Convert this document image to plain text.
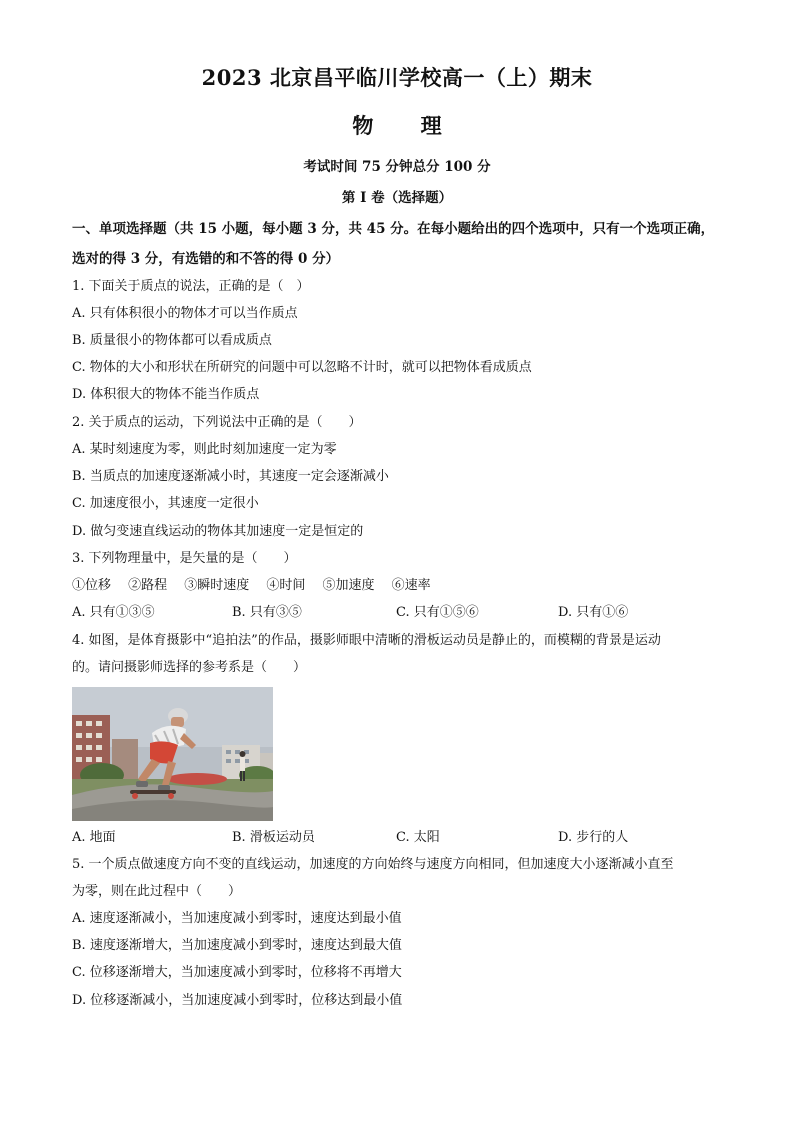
2023 北京昌平临川学校高一（上）期末
物 理
考试时间 75 分钟总分 100 分
第 I 卷（选择题）
一、单项选择题（共 15 小题，每小题 3 分，共 45 分。在每小题给出的四个选项中，只有一个选项正确，选对的得 3 分，有选错的和不答的得 0 分）
1. 下面关于质点的说法，正确的是（　）
A. 只有体积很小的物体才可以当作质点
B. 质量很小的物体都可以看成质点
C. 物体的大小和形状在所研究的问题中可以忽略不计时，就可以把物体看成质点
D. 体积很大的物体不能当作质点
2. 关于质点的运动，下列说法中正确的是（　　）
A. 某时刻速度为零，则此时刻加速度一定为零
B. 当质点的加速度逐渐减小时，其速度一定会逐渐减小
C. 加速度很小，其速度一定很小
D. 做匀变速直线运动的物体其加速度一定是恒定的
3. 下列物理量中，是矢量的是（　　）
①位移　 ②路程　 ③瞬时速度　 ④时间　 ⑤加速度　 ⑥速率
A. 只有①③⑤	B. 只有③⑤	C. 只有①⑤⑥	D. 只有①⑥
4. 如图，是体育摄影中“追拍法”的作品，摄影师眼中清晰的滑板运动员是静止的，而模糊的背景是运动
的。请问摄影师选择的参考系是（　　）
A. 地面	B. 滑板运动员	C. 太阳	D. 步行的人
5. 一个质点做速度方向不变的直线运动，加速度的方向始终与速度方向相同，但加速度大小逐渐减小直至
为零，则在此过程中（　　）
A. 速度逐渐减小，当加速度减小到零时，速度达到最小值
B. 速度逐渐增大，当加速度减小到零时，速度达到最大值
C. 位移逐渐增大，当加速度减小到零时，位移将不再增大
D. 位移逐渐减小，当加速度减小到零时，位移达到最小值
